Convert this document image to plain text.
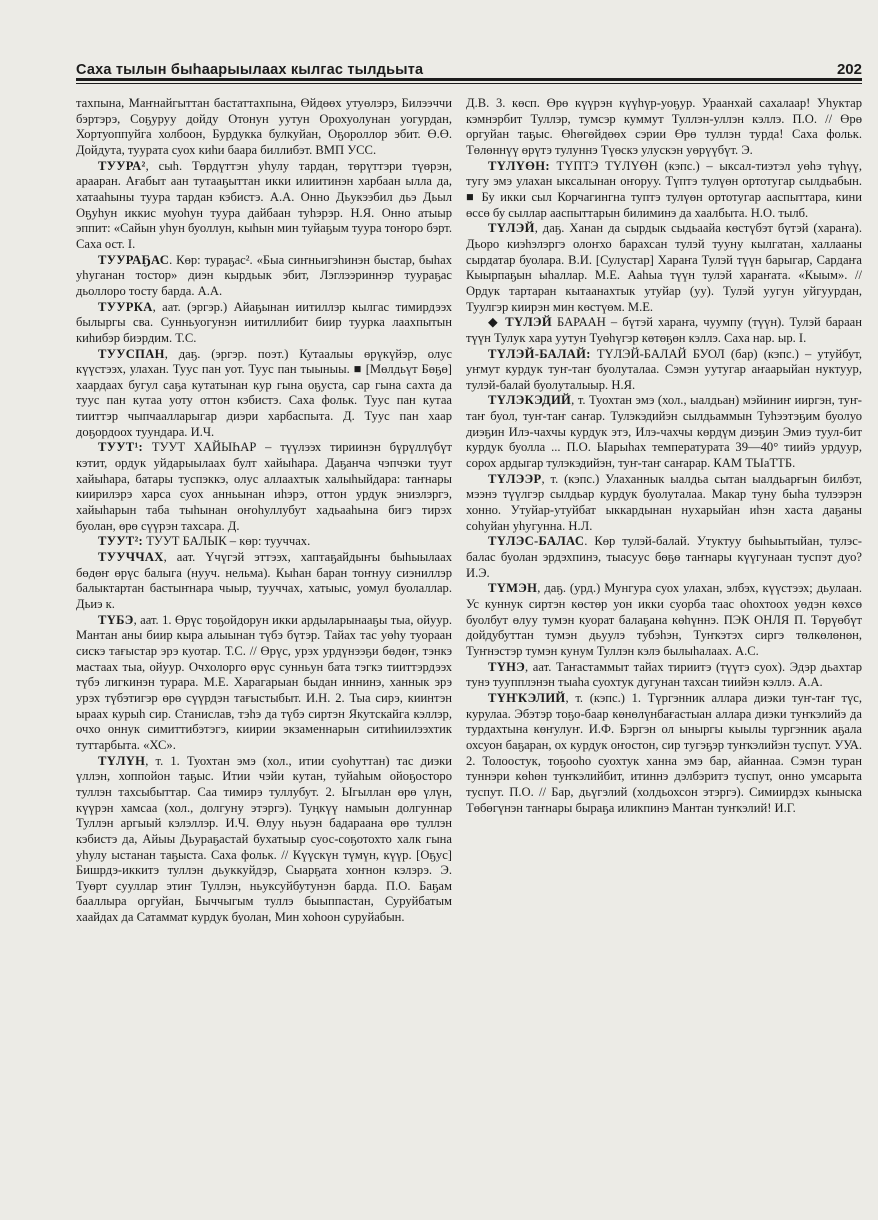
Саха тылын быһаарыылаах кылгас тылдьыта	202

тахпына, Маҥнайгыттан бастаттахпына, Өйдөөх утуөлэрэ, Билээччи бэртэрэ, Соҕуруу дойду Отонун уутун Орохуолунан уогурдан, Хортуоппуйга холбоон, Бурдукка булкуйан, Оҕороллор эбит. Ө.Ө. Дойдута, туурата суох киһи баара биллибэт. ВМП УСС.

ТУУРА², сыһ. Төрдүттэн уһулу тардан, төрүттэри түөрэн, арааран. Ағабыт аан тутааҕыттан икки илиитинэн харбаан ылла да, хатааһыны туура тардан кэбистэ. А.А. Онно Дьукээбил дьэ Дьыл Оҕуһун иккис муоһун туура дайбаан туһэрэр. Н.Я. Онно атыыр эппит: «Сайын уһун буоллун, кыһын мин туйаҕым туура тоҥоро бэрт. Саха ост. I.

ТУУРАҔАС. Көр: тураҕас². «Быа сиҥньигэһинэн быстар, быһах уһуганан тостор» диэн кырдьык эбит, Лэглээриннэр туураҕас дьоллоро тосту барда. А.А.

ТУУРКА, аат. (эргэр.) Айаҕынан иитиллэр кылгас тимирдээх былыргы сва. Сунньуогунэн иитиллибит биир туурка лаахпытын киһибэр биэрдим. Т.С.

ТУУСПАН, даҕ. (эргэр. поэт.) Кутаалыы өрүкүйэр, олус күүстээх, улахан. Туус пан уот. Туус пан тыыныы. ■ [Мөлдьүт Бөҕө] хаардаах бугул саҕа кутатынан кур гына оҕуста, сар гына сахта да туус пан кутаа уоту оттон кэбистэ. Саха фольк. Туус пан кутаа тииттэр чыпчаалларыгар диэри харбаспыта. Д. Туус пан хаар доҕордоох туундара. И.Ч.

ТУУТ¹: ТУУТ ХАЙЫҺАР – түүлээх тириинэн бүрүллүбүт кэтит, ордук уйдарыылаах булт хайыһара. Даҕанча чэпчэки туут хайыһара, батары туспэккэ, олус аллаахтык халыһыйдара: таҥнары киирилэрэ харса суох анньынан иһэрэ, оттон урдук эниэлэргэ, хайыһарын таба тыһынан оҥоһуллубут хадьааһына бигэ тирэх буолан, өрө сүүрэн тахсара. Д.

ТУУТ²: ТУУТ БАЛЫК – көр: тууччах.

ТУУЧЧАХ, аат. Үчүгэй эттээх, хаптаҕайдыҥы быһыылаах бөдөҥ өрүс балыга (нууч. нельма). Кыһан баран тоҥнуу сиэниллэр балыктартан бастыҥнара чыыр, тууччах, хатыыс, уомул буолаллар. Дьиэ к.

ТҮБЭ, аат. 1. Өрүс тоҕойдорун икки ардыларынааҕы тыа, ойуур. Мантан аны биир кыра алыынан түбэ бүтэр. Тайах тас уөһу туораан сискэ тағыстар эрэ куотар. Т.С. // Өрүс, урэх урдүнээҕи бөдөҥ, тэнкэ мастаах тыа, ойуур. Очхолорго өрүс сунньун бата тэгкэ тииттэрдээх түбэ лигкинэн турара. М.Е. Харагарыан быдан иннинэ, ханнык эрэ урэх түбэтигэр өрө сүүрдэн тағыстыбыт. И.Н. 2. Тыа сирэ, киинтэн ыраах курыһ сир. Станислав, тэһэ да түбэ сиртэн Якутскайга кэллэр, очхо оннук симиттибэтэгэ, киирии экзаменнарын ситиһиилээхтик туттарбыта. «ХС».

ТҮЛҮН, т. 1. Туохтан эмэ (хол., итии суоһуттан) тас диэки үллэн, хоппойон таҕыс. Итии чэйи кутан, туйаһым ойоҕосторо туллэн тахсыбыттар. Саа тимирэ туллубут. 2. Ыгыллан өрө үлүн, күүрэн хамсаа (хол., долгуну этэргэ). Туңкүү намыын долгуннар Туллэн аргыый кэлэллэр. И.Ч. Өлуу ньуэн бадараана өрө туллэн кэбистэ да, Айыы Дьураҕастай бухатыыр суос-соҕотохто халк гына уһулу ыстанан таҕыста. Саха фольк. // Күүскүн түмүн, күүр. [Оҕус] Бишрдэ-иккитэ туллэн дьуккуйдэр, Сыарҕата хоҥнон кэлэрэ. Э. Туөрт сууллар этиҥ Туллэн, ньуксуйбутунэн барда. П.О. Баҕам бааллыра оргуйан, Быччыгым туллэ быыппастан, Суруйбатым хаайдах да Сатаммат курдук буолан, Мин хоһоон суруйабын.

Д.В. 3. көсп. Өрө күүрэн күүһүр-уоҕур. Ураанхай сахалаар! Уһуктар кэмнэрбит Туллэр, тумсэр куммут Туллэн-уллэн кэллэ. П.О. // Өрө оргуйан таҕыс. Өһөгөйдөөх сэрии Өрө туллэн турда! Саха фольк. Төлөннүү өрүтэ тулуннэ Түөскэ улускэн уөрүүбүт. Э.

ТҮЛҮӨН: ТҮПТЭ ТҮЛҮӨН (кэпс.) – ыксал-тиэтэл уөһэ түһүү, тугу эмэ улахан ыксалынан оҥоруу. Түптэ тулүөн ортотугар сылдьабын. ■ Бу икки сыл Корчагингна туптэ тулүөн ортотугар ааспыттара, кини өссө бу сыллар ааспыттарын билиминэ да хаалбыта. Н.О. тылб.

ТҮЛЭЙ, даҕ. Ханан да сырдык сыдьаайа көстүбэт бүтэй (хараҥа). Дьоро киэһэлэргэ олоҥхо барахсан тулэй туунy кылгатан, халлааны сырдатар буолара. В.И. [Сулустар] Хараҥа Тулэй түүн барыгар, Сардаҥа Кыырпаҕын ыһаллар. М.Е. Ааһыа түүн тулэй хараҥата. «Кыым». // Ордук тартаран кытаанахтык утуйар (уу). Тулэй уугун уйгуурдан, Туулгэр киирэн мин көстүөм. М.Е.

◆ ТҮЛЭЙ БАРААН – бүтэй хараҥа, чуумпу (түүн). Тулэй бараан түүн Тулук хара уутун Туөһүгэр көтөҕөн кэллэ. Саха нар. ыр. I.

ТҮЛЭЙ-БАЛАЙ: ТҮЛЭЙ-БАЛАЙ БУОЛ (бар) (кэпс.) – утуйбут, уҥмут курдук туҥ-таҥ буолуталаа. Сэмэн уутугар аҥаарыйан нуктуур, тулэй-балай буолуталыыр. Н.Я.

ТҮЛЭКЭДИЙ, т. Туохтан эмэ (хол., ыалдьан) мэйиниҥ ииргэн, туҥ-таҥ буол, туҥ-таҥ саҥар. Тулэкэдийэн сылдьаммын Туһээтэҕим буолуо диэҕин Илэ-чахчы курдук этэ, Илэ-чахчы көрдүм диэҕин Эмиэ туул-бит курдук буолла ... П.О. Ыарыһах температурата 39—40° тиийэ урдуур, сорох ардыгар тулэкэдийэн, туҥ-таҥ саҥарар. КАМ ТЫаТТБ.

ТҮЛЭЭР, т. (кэпс.) Улаханнык ыалдьа сытан ыалдьарғын билбэт, мээнэ түүлгэр сылдьар курдук буолуталаа. Макар туну быһа тулээрэн хонно. Утуйар-утуйбат ыккардынан нухарыйан иһэн хаста даҕаны соһуйан уһугунна. Н.Л.

ТҮЛЭС-БАЛАС. Көр тулэй-балай. Утуктуу быһыытыйан, тулэс-балас буолан эрдэхпинэ, тыасуус бөҕө таҥнары күүгунаан туспэт дуо? И.Э.

ТҮМЭН, даҕ. (урд.) Мунгура суох улахан, элбэх, күүстээх; дьулаан. Ус куннук сиртэн көстөр уон икки суорба таас оһохтоох уөдэн көхсө буолбут өлуу тумэн куорат балаҕана көһүннэ. ПЭК ОНЛЯ П. Төрүөбүт дойдубуттан тумэн дьуулэ тубэһэн, Туҥкэтэх сиргэ төлкөлөнөн, Туҥнэстэр тумэн кунум Туллэн кэлэ былыһалаах. А.С.

ТҮНЭ, аат. Таҥастаммыт тайах тириитэ (түүтэ суох). Эдэр дьахтар тунэ туупплэнэн тыаһа суохтук дугунан тахсан тиийэн кэллэ. А.А.

ТҮҤКЭЛИЙ, т. (кэпс.) 1. Түргэнник аллара диэки туҥ-таҥ түс, курулаа. Эбэтэр тоҕо-баар көнөлүнбағастыан аллара диэки туҥкэлийэ да турдахтына көҥулуҥ. И.Ф. Бэргэн ол ыныргы кыылы тургэнник аҕала охсуон баҕаран, ох курдук оҥостон, сир тугэҕэр туҥкэлийэн туспут. УУА. 2. Толоостук, тоҕооһо суохтук ханна эмэ бар, айаннаа. Сэмэн туран туннэри көһөн туҥкэлийбит, итиннэ дэлбэритэ туспут, онно умсарыта туспут. П.О. // Бар, дьүгэлий (холдьохсон этэргэ). Симиирдэх кыныска Төбөгүнэн таҥнары быраҕа иликпинэ Мантан туҥкэлий! И.Г.
